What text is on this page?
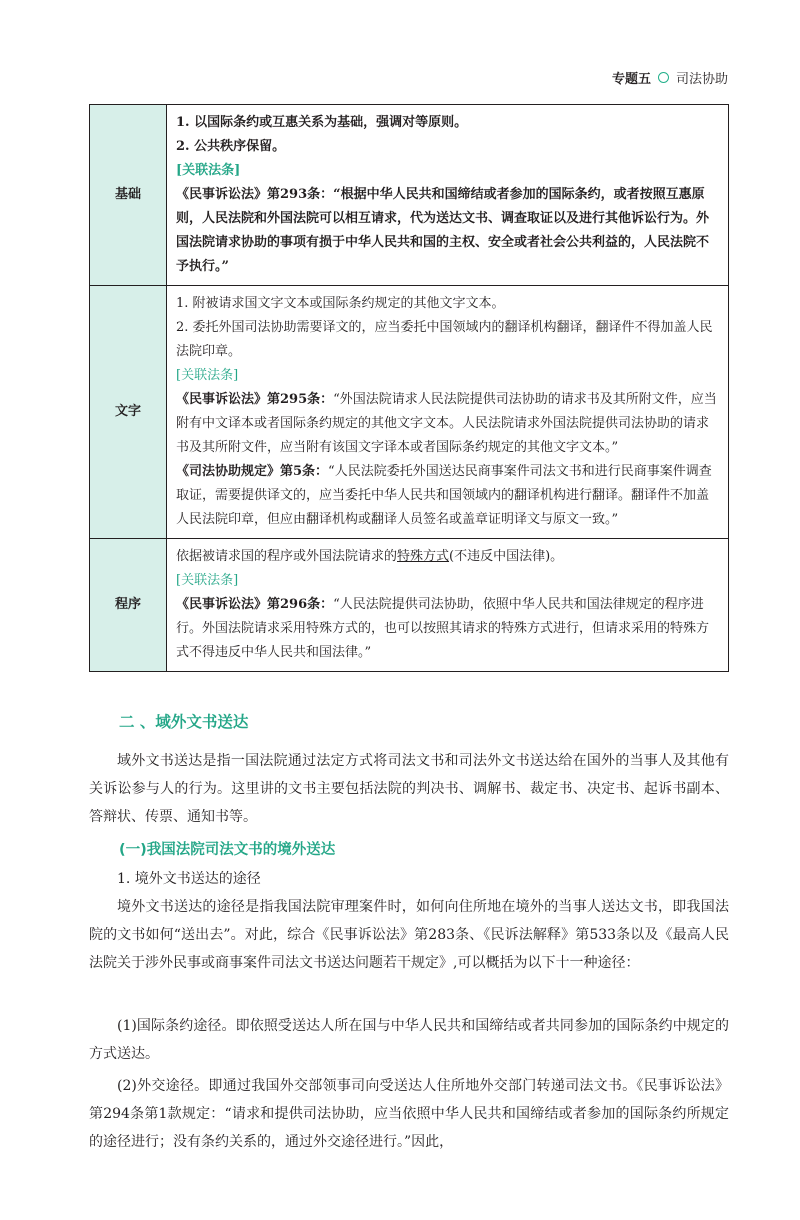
专题五 司法协助
基础	1. 以国际条约或互惠关系为基础，强调对等原则。

2. 公共秩序保留。

[关联法条]

《民事诉讼法》第293条：“根据中华人民共和国缔结或者参加的国际条约，或者按照互惠原则，人民法院和外国法院可以相互请求，代为送达文书、调查取证以及进行其他诉讼行为。外国法院请求协助的事项有损于中华人民共和国的主权、安全或者社会公共利益的，人民法院不予执行。”

文字	1. 附被请求国文字文本或国际条约规定的其他文字文本。

2. 委托外国司法协助需要译文的，应当委托中国领域内的翻译机构翻译，翻译件不得加盖人民法院印章。

[关联法条]

《民事诉讼法》第295条：“外国法院请求人民法院提供司法协助的请求书及其所附文件，应当附有中文译本或者国际条约规定的其他文字文本。人民法院请求外国法院提供司法协助的请求书及其所附文件，应当附有该国文字译本或者国际条约规定的其他文字文本。”

《司法协助规定》第5条：“人民法院委托外国送达民商事案件司法文书和进行民商事案件调查取证，需要提供译文的，应当委托中华人民共和国领域内的翻译机构进行翻译。翻译件不加盖人民法院印章，但应由翻译机构或翻译人员签名或盖章证明译文与原文一致。”

程序	依据被请求国的程序或外国法院请求的特殊方式(不违反中国法律)。

[关联法条]

《民事诉讼法》第296条：“人民法院提供司法协助，依照中华人民共和国法律规定的程序进行。外国法院请求采用特殊方式的，也可以按照其请求的特殊方式进行，但请求采用的特殊方式不得违反中华人民共和国法律。”

二 、域外文书送达

域外文书送达是指一国法院通过法定方式将司法文书和司法外文书送达给在国外的当事人及其他有关诉讼参与人的行为。这里讲的文书主要包括法院的判决书、调解书、裁定书、决定书、起诉书副本、答辩状、传票、通知书等。

(一)我国法院司法文书的境外送达

1. 境外文书送达的途径

境外文书送达的途径是指我国法院审理案件时，如何向住所地在境外的当事人送达文书，即我国法院的文书如何“送出去”。对此，综合《民事诉讼法》第283条、《民诉法解释》第533条以及《最高人民法院关于涉外民事或商事案件司法文书送达问题若干规定》,可以概括为以下十一种途径：

(1)国际条约途径。即依照受送达人所在国与中华人民共和国缔结或者共同参加的国际条约中规定的方式送达。

(2)外交途径。即通过我国外交部领事司向受送达人住所地外交部门转递司法文书。《民事诉讼法》第294条第1款规定：“请求和提供司法协助，应当依照中华人民共和国缔结或者参加的国际条约所规定的途径进行；没有条约关系的，通过外交途径进行。”因此，
